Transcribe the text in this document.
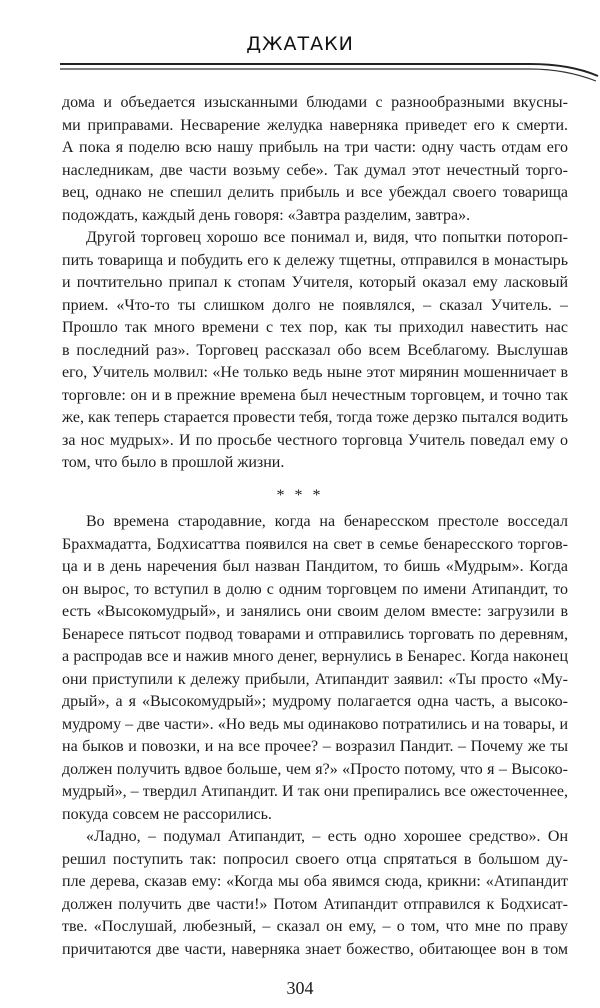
ДЖАТАКИ
дома и объедается изысканными блюдами с разнообразными вкусны-
ми приправами. Несварение желудка наверняка приведет его к смерти.
А пока я поделю всю нашу прибыль на три части: одну часть отдам его
наследникам, две части возьму себе». Так думал этот нечестный торго-
вец, однако не спешил делить прибыль и все убеждал своего товарища
подождать, каждый день говоря: «Завтра разделим, завтра».
Другой торговец хорошо все понимал и, видя, что попытки потороп-
пить товарища и побудить его к дележу тщетны, отправился в монастырь
и почтительно припал к стопам Учителя, который оказал ему ласковый
прием. «Что-то ты слишком долго не появлялся, – сказал Учитель. –
Прошло так много времени с тех пор, как ты приходил навестить нас
в последний раз». Торговец рассказал обо всем Всеблагому. Выслушав
его, Учитель молвил: «Не только ведь ныне этот мирянин мошенничает в
торговле: он и в прежние времена был нечестным торговцем, и точно так
же, как теперь старается провести тебя, тогда тоже дерзко пытался водить
за нос мудрых». И по просьбе честного торговца Учитель поведал ему о
том, что было в прошлой жизни.
* * *
Во времена стародавние, когда на бенаресском престоле восседал
Брахмадатта, Бодхисаттва появился на свет в семье бенаресского торгов-
ца и в день наречения был назван Пандитом, то бишь «Мудрым». Когда
он вырос, то вступил в долю с одним торговцем по имени Атипандит, то
есть «Высокомудрый», и занялись они своим делом вместе: загрузили в
Бенаресе пятьсот подвод товарами и отправились торговать по деревням,
а распродав все и нажив много денег, вернулись в Бенарес. Когда наконец
они приступили к дележу прибыли, Атипандит заявил: «Ты просто «Му-
дрый», а я «Высокомудрый»; мудрому полагается одна часть, а высоко-
мудрому – две части». «Но ведь мы одинаково потратились и на товары, и
на быков и повозки, и на все прочее? – возразил Пандит. – Почему же ты
должен получить вдвое больше, чем я?» «Просто потому, что я – Высоко-
мудрый», – твердил Атипандит. И так они препирались все ожесточеннее,
покуда совсем не рассорились.
«Ладно, – подумал Атипандит, – есть одно хорошее средство». Он
решил поступить так: попросил своего отца спрятаться в большом ду-
пле дерева, сказав ему: «Когда мы оба явимся сюда, крикни: «Атипандит
должен получить две части!» Потом Атипандит отправился к Бодхисат-
тве. «Послушай, любезный, – сказал он ему, – о том, что мне по праву
причитаются две части, наверняка знает божество, обитающее вон в том
304
